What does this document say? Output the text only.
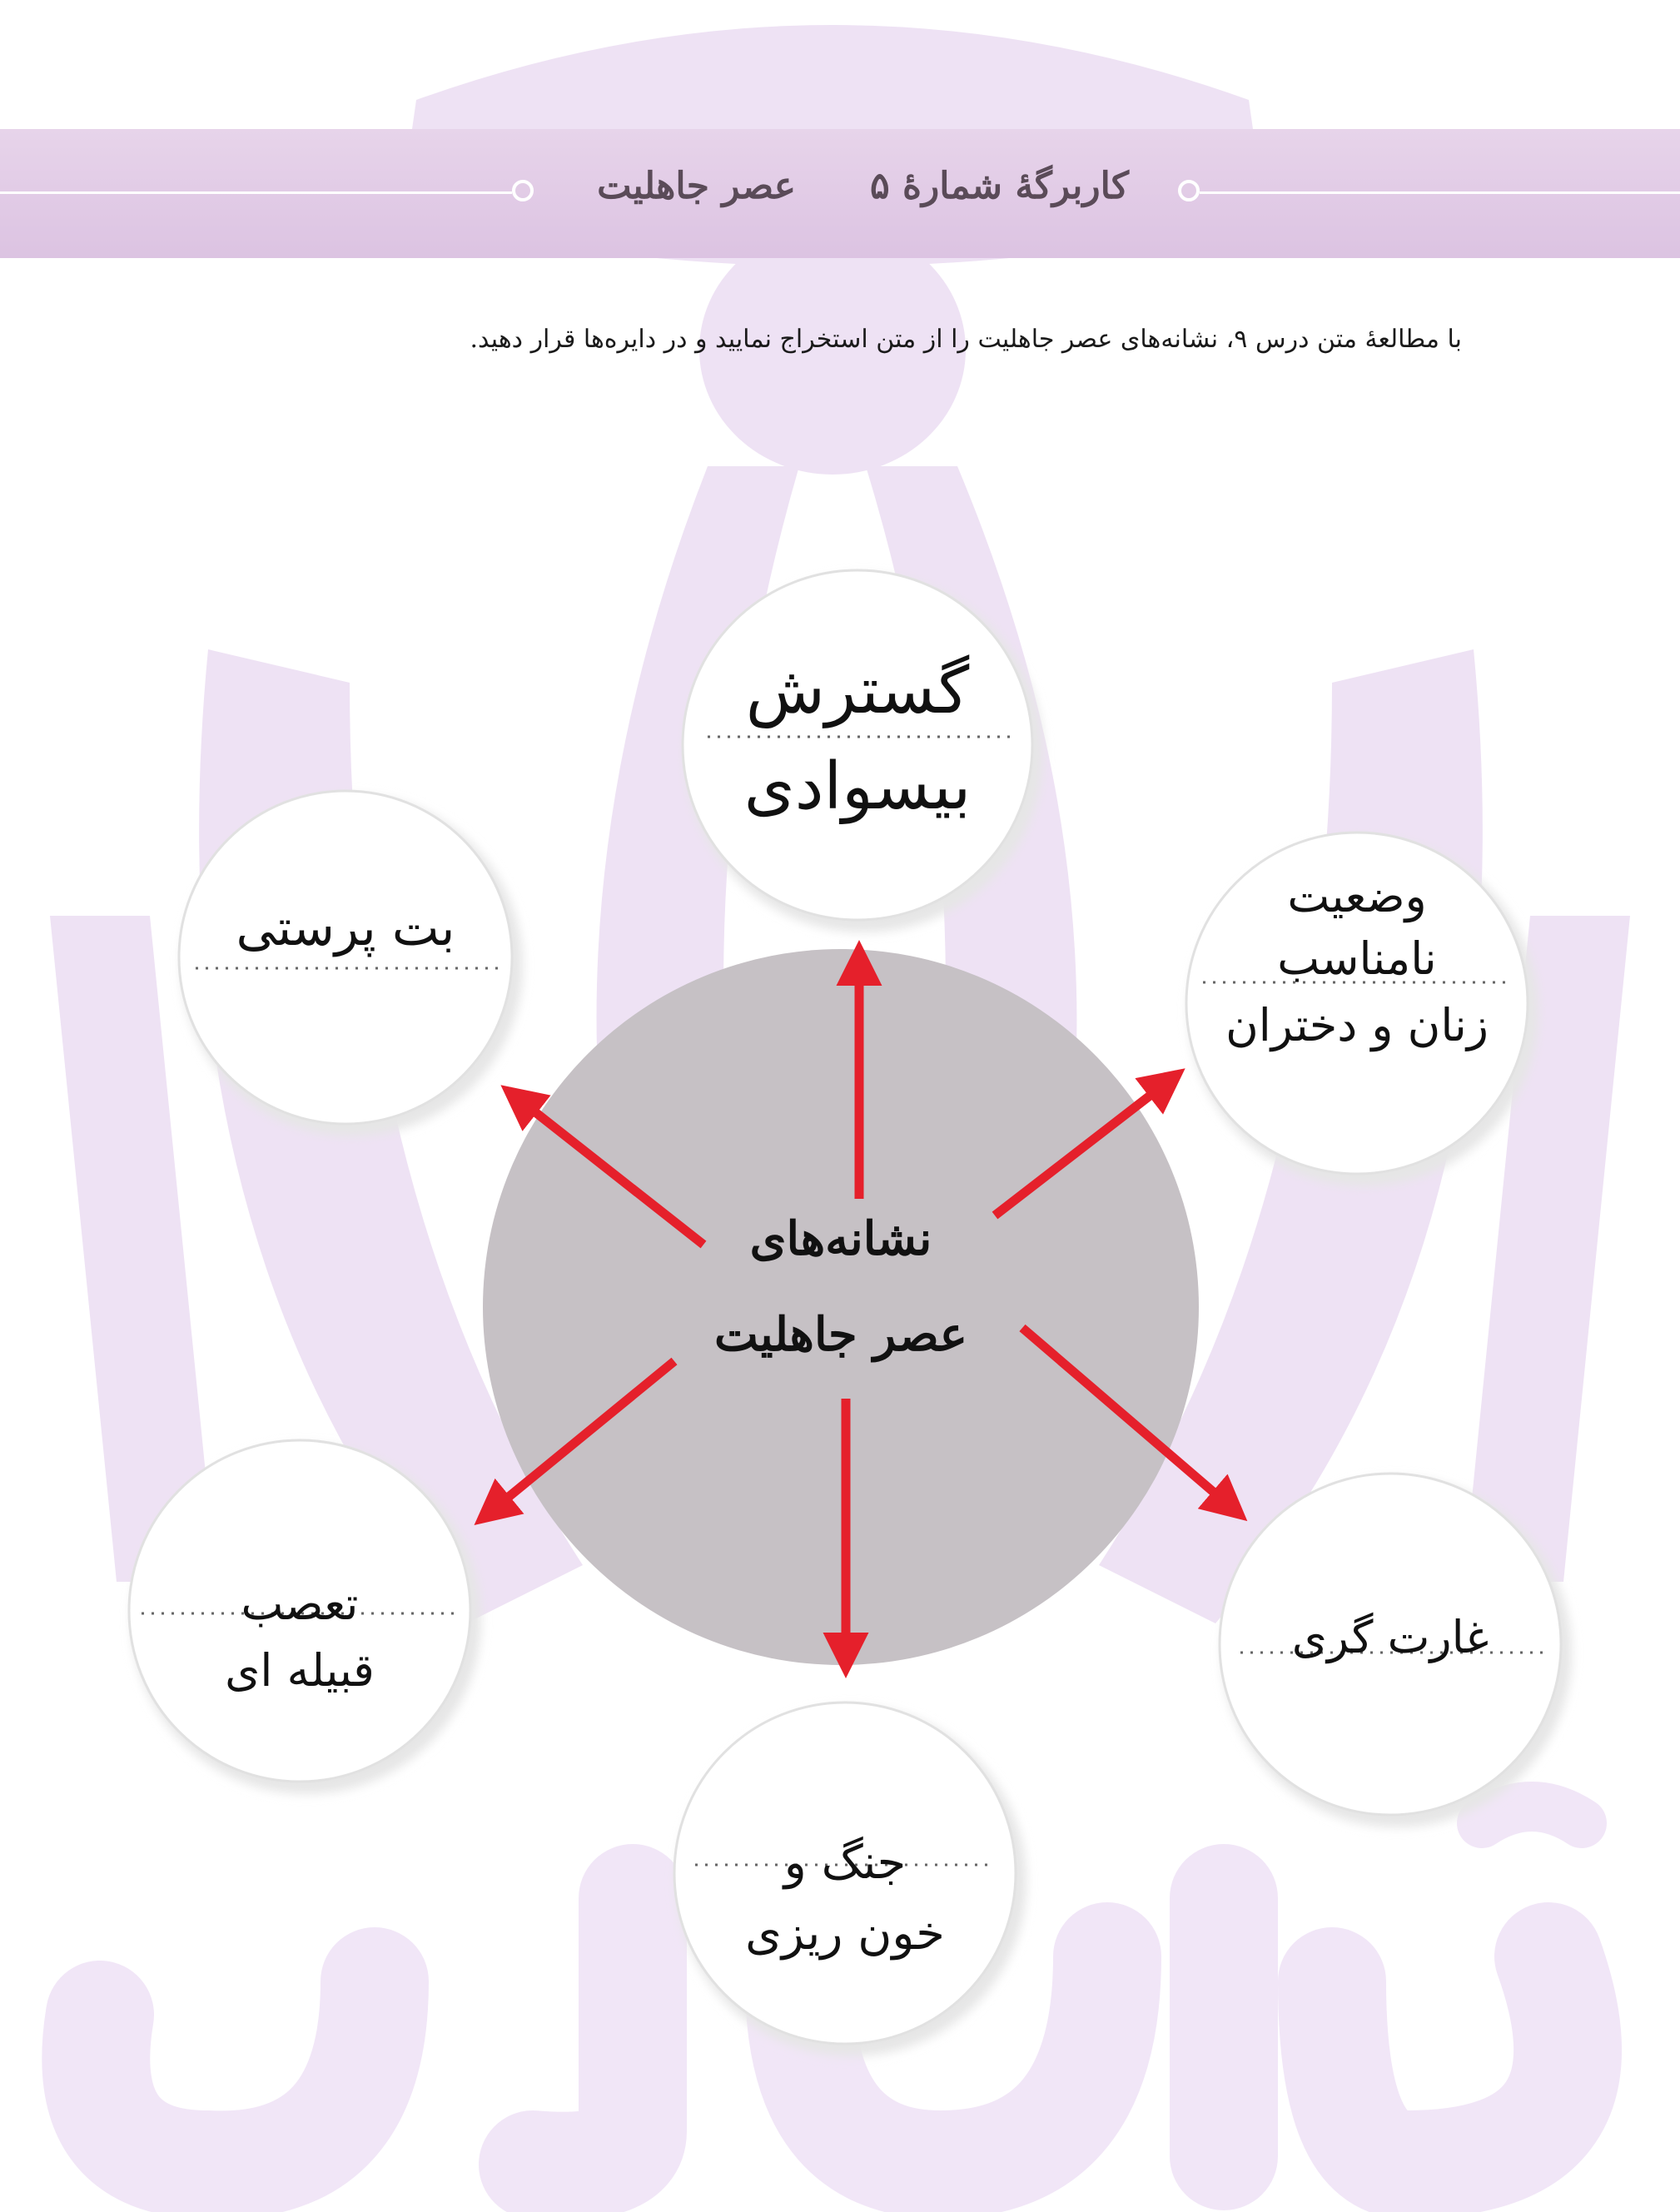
کاربرگهٔ شمارهٔ ۵
عصر جاهلیت
با مطالعهٔ متن درس ۹، نشانه‌های عصر جاهلیت را از متن استخراج نمایید و در دایره‌ها قرار دهید.
نشانه‌های
عصر جاهلیت
گسترش
بیسوادی
بت پرستی
وضعیت
نامناسب
زنان و دختران
تعصب
قبیله ای
غارت گری
جنگ و
خون ریزی
